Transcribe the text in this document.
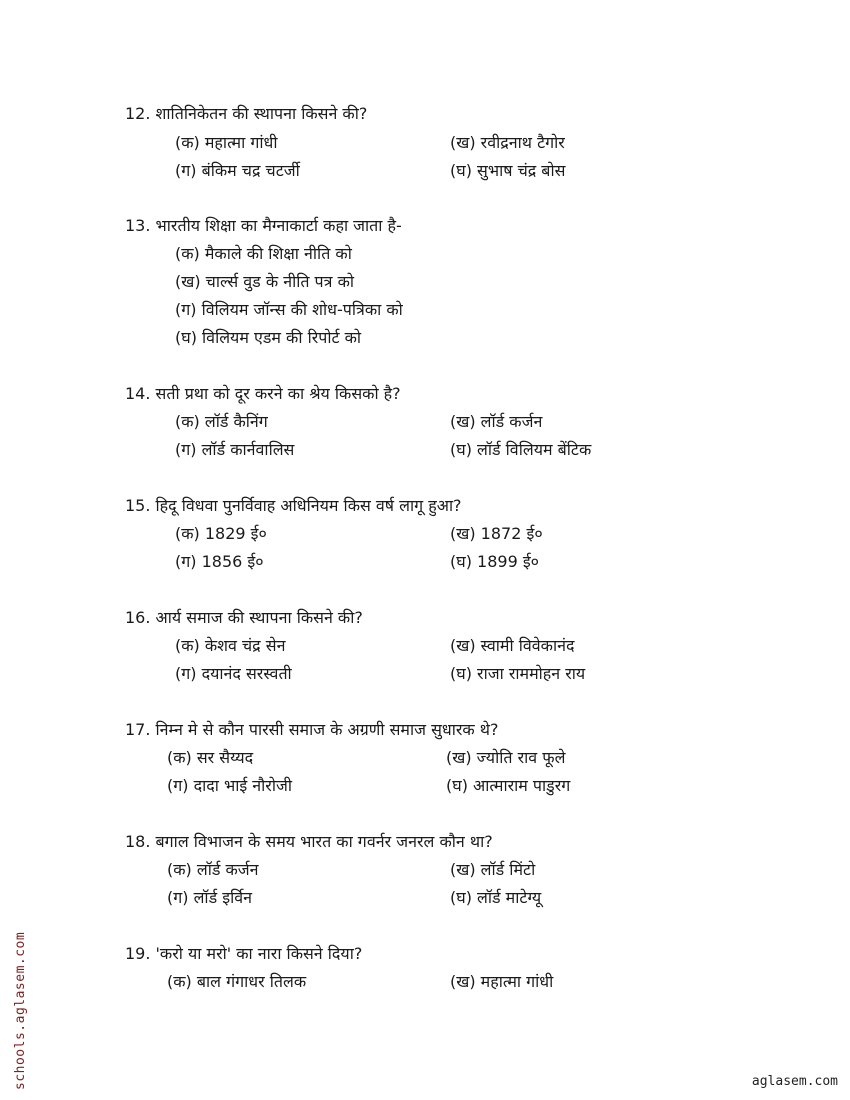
12. शातिनिकेतन की स्थापना किसने की?
(क) महात्मा गांधी	(ख) रवीद्रनाथ टैगोर
(ग) बंकिम चद्र चटर्जी	(घ) सुभाष चंद्र बोस
13. भारतीय शिक्षा का मैग्नाकार्टा कहा जाता है-
(क) मैकाले की शिक्षा नीति को
(ख) चार्ल्स वुड के नीति पत्र को
(ग) विलियम जॉन्स की शोध-पत्रिका को
(घ) विलियम एडम की रिपोर्ट को
14. सती प्रथा को दूर करने का श्रेय किसको है?
(क) लॉर्ड कैनिंग	(ख) लॉर्ड कर्जन
(ग) लॉर्ड कार्नवालिस	(घ) लॉर्ड विलियम बेंटिक
15. हिदू विधवा पुनर्विवाह अधिनियम किस वर्ष लागू हुआ?
(क) 1829 ई०	(ख) 1872 ई०
(ग) 1856 ई०	(घ) 1899 ई०
16. आर्य समाज की स्थापना किसने की?
(क) केशव चंद्र सेन	(ख) स्वामी विवेकानंद
(ग) दयानंद सरस्वती	(घ) राजा राममोहन राय
17. निम्न मे से कौन पारसी समाज के अग्रणी समाज सुधारक थे?
(क) सर सैय्यद	(ख) ज्योति राव फूले
(ग) दादा भाई नौरोजी	(घ) आत्माराम पाडुरग
18. बगाल विभाजन के समय भारत का गवर्नर जनरल कौन था?
(क) लॉर्ड कर्जन	(ख) लॉर्ड मिंटो
(ग) लॉर्ड इर्विन	(घ) लॉर्ड माटेग्यू
19. 'करो या मरो' का नारा किसने दिया?
(क) बाल गंगाधर तिलक	(ख) महात्मा गांधी
schools.aglasem.com	aglasem.com
